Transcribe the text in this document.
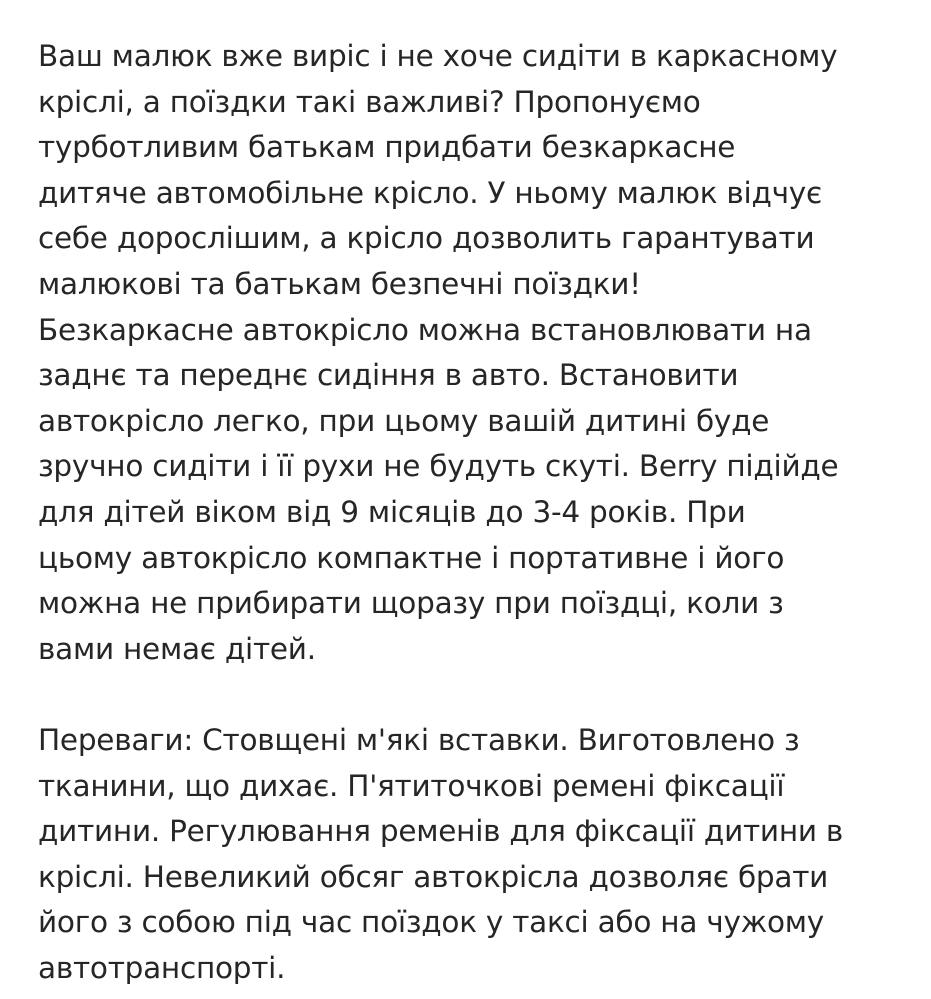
Ваш малюк вже виріс і не хоче сидіти в каркасному
кріслі, а поїздки такі важливі? Пропонуємо
турботливим батькам придбати безкаркасне
дитяче автомобільне крісло. У ньому малюк відчує
себе дорослішим, а крісло дозволить гарантувати
малюкові та батькам безпечні поїздки!
Безкаркасне автокрісло можна встановлювати на
заднє та переднє сидіння в авто. Встановити
автокрісло легко, при цьому вашій дитині буде
зручно сидіти і її рухи не будуть скуті. Berry підійде
для дітей віком від 9 місяців до 3-4 років. При
цьому автокрісло компактне і портативне і його
можна не прибирати щоразу при поїздці, коли з
вами немає дітей.

Переваги: Стовщені м'які вставки. Виготовлено з
тканини, що дихає. П'ятиточкові ремені фіксації
дитини. Регулювання ременів для фіксації дитини в
кріслі. Невеликий обсяг автокрісла дозволяє брати
його з собою під час поїздок у таксі або на чужому
автотранспорті.
